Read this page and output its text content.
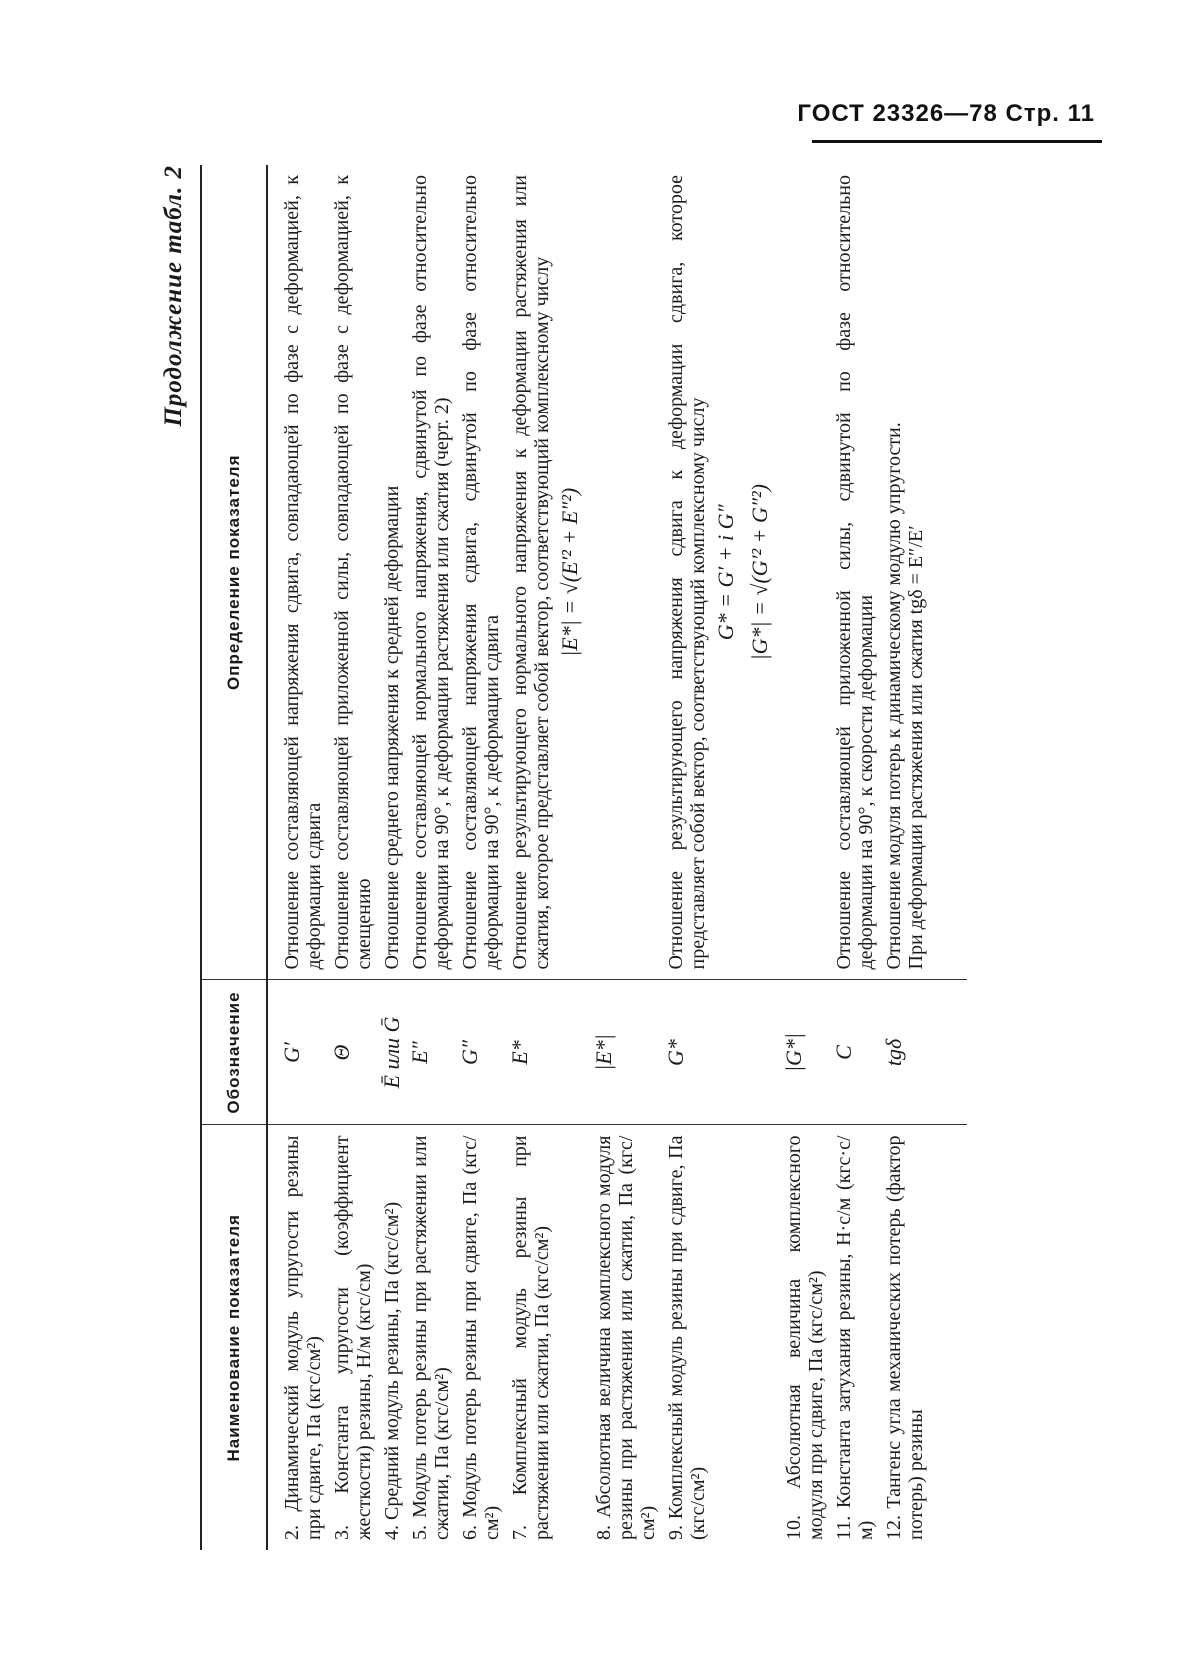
ГОСТ 23326—78 Стр. 11
Продолжение табл. 2
Наименование показателя	Обозначение	Определение показателя

2. Динамический модуль упругости резины при сдвиге, Па (кгс/см²)	G′	Отношение составляющей напряжения сдвига, совпадающей по фазе с деформацией, к деформации сдвига
3. Константа упругости (коэффициент жесткости) резины, Н/м (кгс/см)	Θ	Отношение составляющей приложенной силы, совпадающей по фазе с деформацией, к смещению
4. Средний модуль резины, Па (кгс/см²)	Ē или Ḡ	Отношение среднего напряжения к средней деформации
5. Модуль потерь резины при растяжении или сжатии, Па (кгс/см²)	E″	Отношение составляющей нормального напряжения, сдвинутой по фазе относительно деформации на 90°, к деформации растяжения или сжатия (черт. 2)
6. Модуль потерь резины при сдвиге, Па (кгс/см²)	G″	Отношение составляющей напряжения сдвига, сдвинутой по фазе относительно деформации на 90°, к деформации сдвига
7. Комплексный модуль резины при растяжении или сжатии, Па (кгс/см²)	E*	Отношение результирующего нормального напряжения к деформации растяжения или сжатия, которое представляет собой вектор, соответствующий комплексному числу |E*| = √(E′² + E″²)

8. Абсолютная величина комплексного модуля резины при растяжении или сжатии, Па (кгс/см²)	|E*|	
9. Комплексный модуль резины при сдвиге, Па (кгс/см²)	G*	Отношение результирующего напряжения сдвига к деформации сдвига, которое представляет собой вектор, соответствующий комплексному числу G* = G′ + i G″ |G*| = √(G′² + G″²)

10. Абсолютная величина комплексного модуля при сдвиге, Па (кгс/см²)	|G*|	
11. Константа затухания резины, Н·с/м (кгс·с/м)	C	Отношение составляющей приложенной силы, сдвинутой по фазе относительно деформации на 90°, к скорости деформации
12. Тангенс угла механических потерь (фактор потерь) резины	tgδ	Отношение модуля потерь к динамическому модулю упругости. При деформации растяжения или сжатия tgδ = E″/E′
